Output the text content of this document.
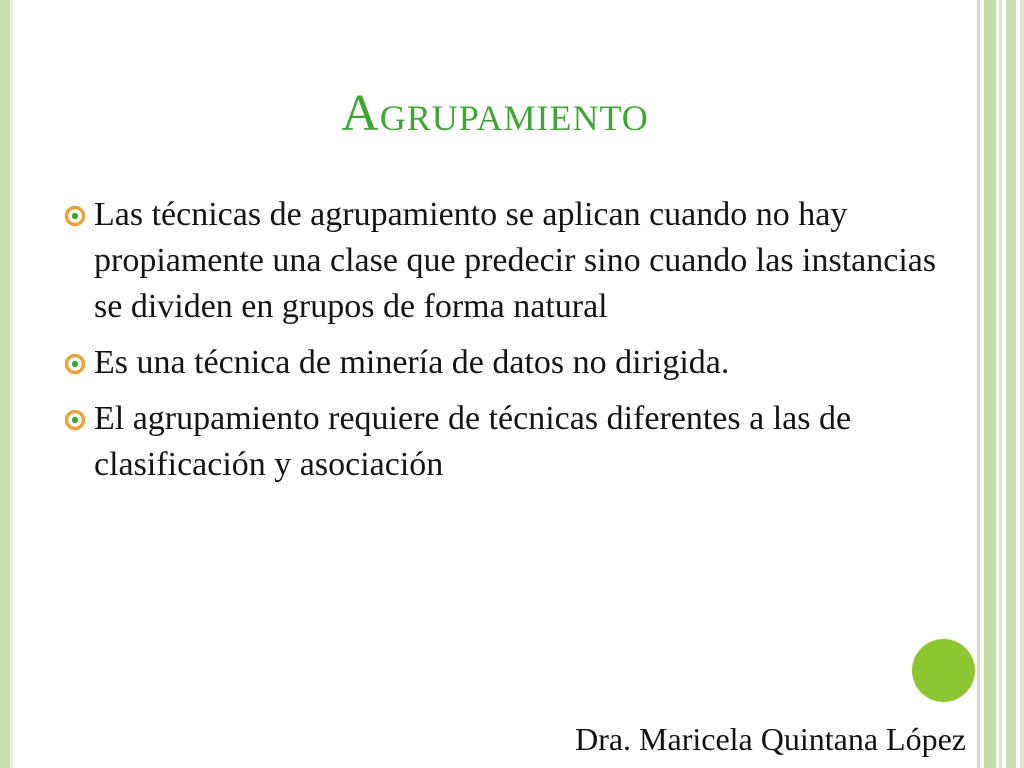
Agrupamiento
Las técnicas de agrupamiento se aplican cuando no hay propiamente una clase que predecir sino cuando las instancias se dividen en grupos de forma natural
Es una técnica de minería de datos no dirigida.
El agrupamiento requiere de técnicas diferentes a las de clasificación y asociación
Dra. Maricela Quintana López
